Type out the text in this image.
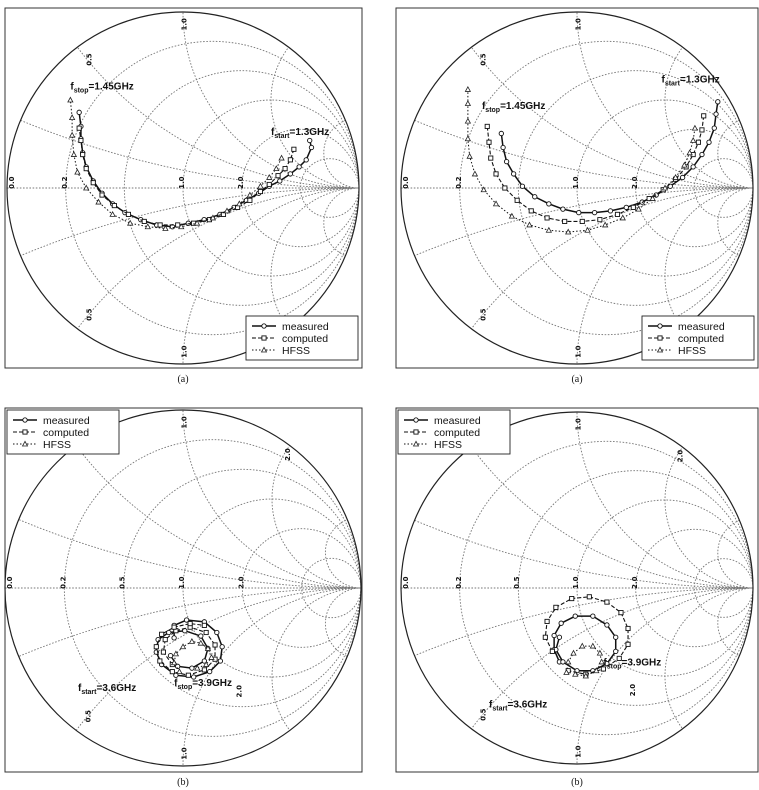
0.0	0.2	1.0	2.0
1.0
0.5
0.5
1.0
$f_{stop}=1.45GHz$
$f_{start}=1.3GHz$
measured
computed
HFSS
(a)
0.0	0.2	1.0	2.0
1.0
0.5
0.5
1.0
$f_{start}=1.3GHz$
$f_{stop}=1.45GHz$
measured
computed
HFSS
(a)
0.0	0.2	0.5	1.0	2.0
1.0
2.0
0.5
2.0
1.0
$f_{start}=3.6GHz$	$f_{stop}=3.9GHz$
measured
computed
HFSS
(b)
0.0	0.2	0.5	1.0	2.0
1.0
2.0
0.5
2.0
1.0
$f_{stop}=3.9GHz$
$f_{start}=3.6GHz$
measured
computed
HFSS
(b)
